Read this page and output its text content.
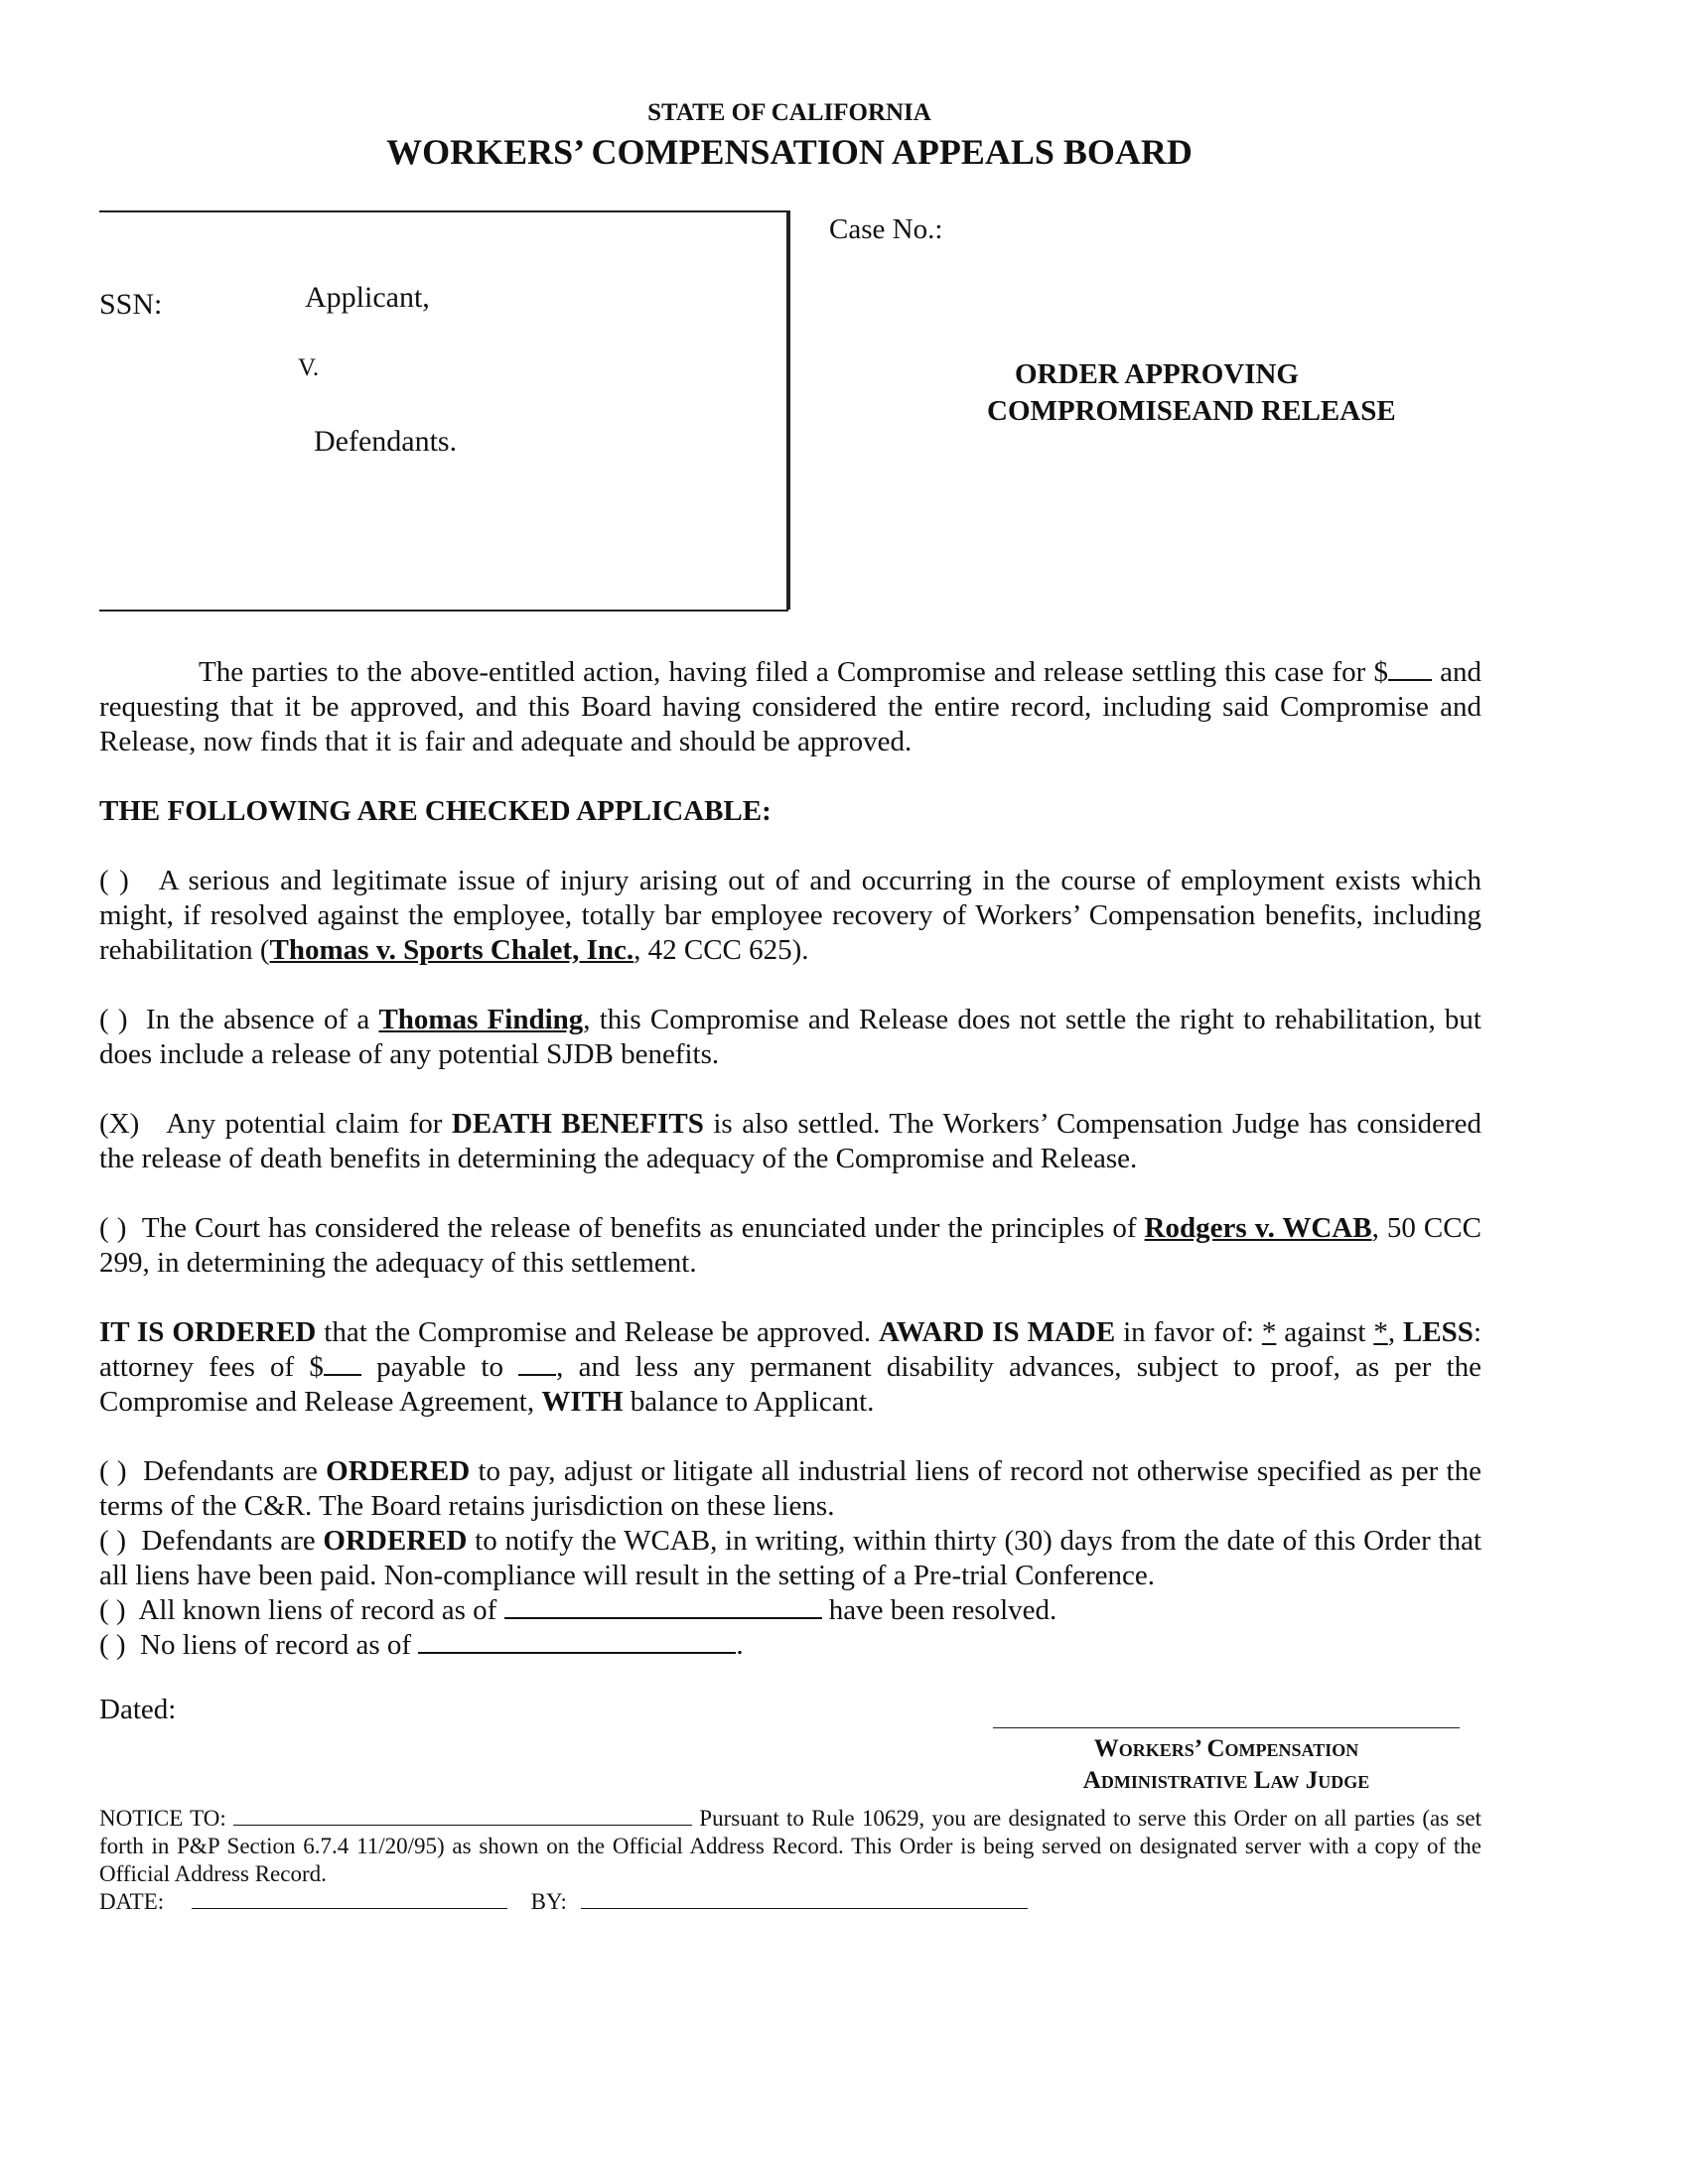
STATE OF CALIFORNIA
WORKERS’ COMPENSATION APPEALS BOARD
SSN:	Applicant,
V.
Defendants.
Case No.:
ORDER APPROVING
COMPROMISEAND RELEASE

The parties to the above-entitled action, having filed a Compromise and release settling this case for $ and requesting that it be approved, and this Board having considered the entire record, including said Compromise and Release, now finds that it is fair and adequate and should be approved.

THE FOLLOWING ARE CHECKED APPLICABLE:

( ) A serious and legitimate issue of injury arising out of and occurring in the course of employment exists which might, if resolved against the employee, totally bar employee recovery of Workers’ Compensation benefits, including rehabilitation (Thomas v. Sports Chalet, Inc., 42 CCC 625).

( ) In the absence of a Thomas Finding, this Compromise and Release does not settle the right to rehabilitation, but does include a release of any potential SJDB benefits.

(X) Any potential claim for DEATH BENEFITS is also settled. The Workers’ Compensation Judge has considered the release of death benefits in determining the adequacy of the Compromise and Release.

( ) The Court has considered the release of benefits as enunciated under the principles of Rodgers v. WCAB, 50 CCC 299, in determining the adequacy of this settlement.

IT IS ORDERED that the Compromise and Release be approved. AWARD IS MADE in favor of: * against *, LESS: attorney fees of $ payable to , and less any permanent disability advances, subject to proof, as per the Compromise and Release Agreement, WITH balance to Applicant.

( ) Defendants are ORDERED to pay, adjust or litigate all industrial liens of record not otherwise specified as per the terms of the C&R. The Board retains jurisdiction on these liens.

( ) Defendants are ORDERED to notify the WCAB, in writing, within thirty (30) days from the date of this Order that all liens have been paid. Non-compliance will result in the setting of a Pre-trial Conference.

( ) All known liens of record as of	have been resolved.

( ) No liens of record as of	.

Dated:
Workers’ Compensation
Administrative Law Judge

NOTICE TO:	Pursuant to Rule 10629, you are designated to serve this Order on all parties (as set forth in P&P Section 6.7.4 11/20/95) as shown on the Official Address Record. This Order is being served on designated server with a copy of the Official Address Record.

DATE:	BY:
